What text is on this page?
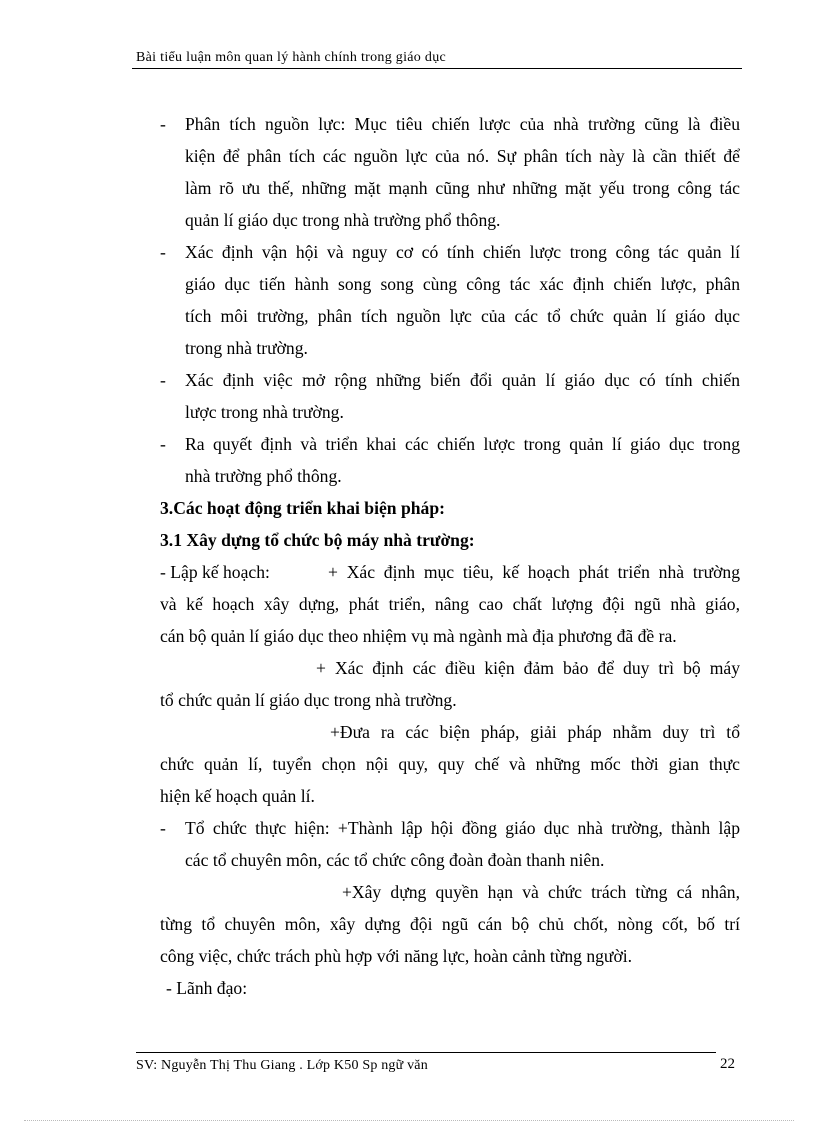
Bài tiểu luận môn quan lý hành chính trong giáo dục
- Phân tích nguồn lực: Mục tiêu chiến lược của nhà trường cũng là điều
kiện để phân tích các nguồn lực của nó. Sự phân tích này là cần thiết để
làm rõ ưu thế, những mặt mạnh cũng như những mặt yếu trong công tác
quản lí giáo dục trong nhà trường phổ thông.
- Xác định vận hội và nguy cơ có tính chiến lược trong công tác quản lí
giáo dục tiến hành song song cùng công tác xác định chiến lược, phân
tích môi trường, phân tích nguồn lực của các tổ chức quản lí giáo dục
trong nhà trường.
- Xác định việc mở rộng những biến đổi quản lí giáo dục có tính chiến
lược trong nhà trường.
- Ra quyết định và triển khai các chiến lược trong quản lí giáo dục trong
nhà trường phổ thông.
3.Các hoạt động triển khai biện pháp:
3.1 Xây dựng tổ chức bộ máy nhà trường:
- Lập kế hoạch:	+ Xác định mục tiêu, kế hoạch phát triển nhà trường
và kế hoạch xây dựng, phát triển, nâng cao chất lượng đội ngũ nhà giáo,
cán bộ quản lí giáo dục theo nhiệm vụ mà ngành mà địa phương đã đề ra.
+ Xác định các điều kiện đảm bảo để duy trì bộ máy
tổ chức quản lí giáo dục trong nhà trường.
+Đưa ra các biện pháp, giải pháp nhằm duy trì tổ
chức quản lí, tuyển chọn nội quy, quy chế và những mốc thời gian thực
hiện kế hoạch quản lí.
- Tổ chức thực hiện: +Thành lập hội đồng giáo dục nhà trường, thành lập
các tổ chuyên môn, các tổ chức công đoàn đoàn thanh niên.
+Xây dựng quyền hạn và chức trách từng cá nhân,
từng tổ chuyên môn, xây dựng đội ngũ cán bộ chủ chốt, nòng cốt, bố trí
công việc, chức trách phù hợp với năng lực, hoàn cảnh từng người.
- Lãnh đạo:
SV: Nguyễn Thị Thu Giang . Lớp K50 Sp ngữ văn	22
